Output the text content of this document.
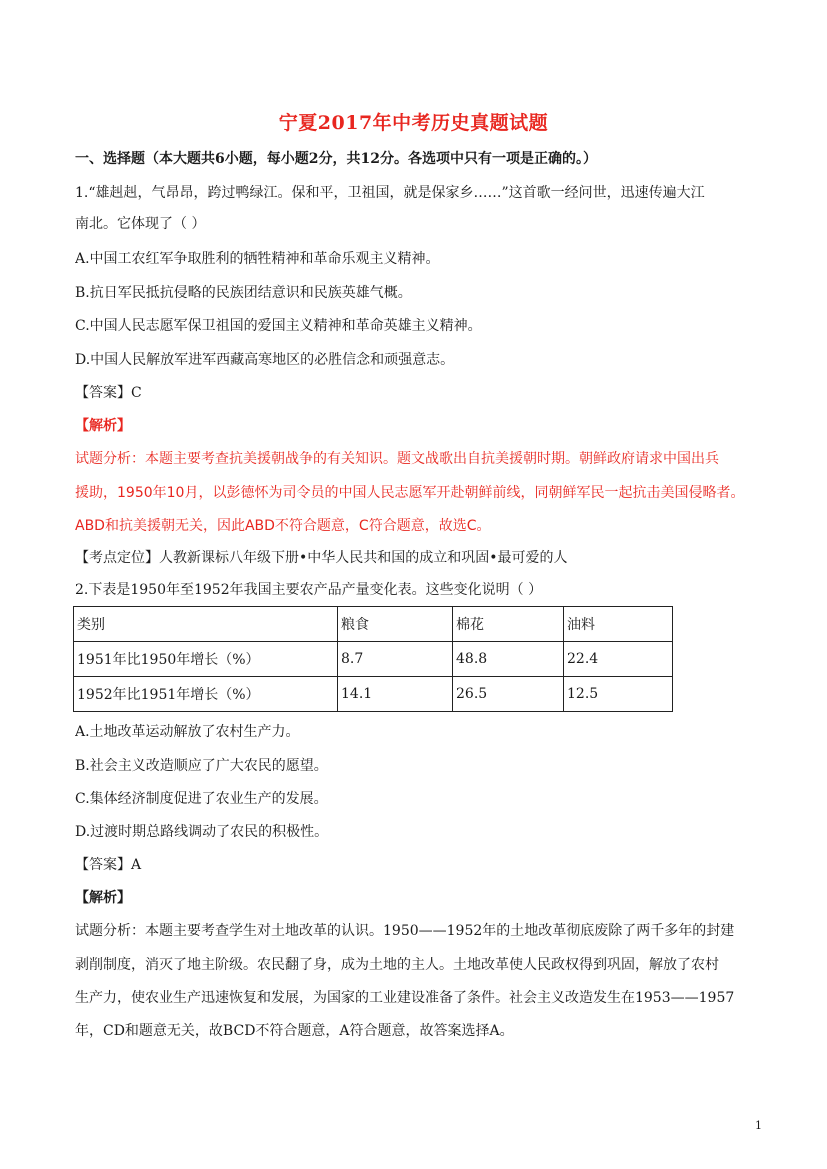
宁夏2017年中考历史真题试题
一、选择题（本大题共6小题，每小题2分，共12分。各选项中只有一项是正确的。）
1.“雄赳赳，气昂昂，跨过鸭绿江。保和平，卫祖国，就是保家乡……”这首歌一经问世，迅速传遍大江
南北。它体现了（ ）
A.中国工农红军争取胜利的牺牲精神和革命乐观主义精神。
B.抗日军民抵抗侵略的民族团结意识和民族英雄气概。
C.中国人民志愿军保卫祖国的爱国主义精神和革命英雄主义精神。
D.中国人民解放军进军西藏高寒地区的必胜信念和顽强意志。
【答案】C
【解析】
试题分析：本题主要考查抗美援朝战争的有关知识。题文战歌出自抗美援朝时期。朝鲜政府请求中国出兵
援助，1950年10月，以彭德怀为司令员的中国人民志愿军开赴朝鲜前线，同朝鲜军民一起抗击美国侵略者。
ABD和抗美援朝无关，因此ABD不符合题意，C符合题意，故选C。
【考点定位】人教新课标八年级下册•中华人民共和国的成立和巩固•最可爱的人
2.下表是1950年至1952年我国主要农产品产量变化表。这些变化说明（ ）
类别	粮食	棉花	油料
1951年比1950年增长（%）	8.7	48.8	22.4
1952年比1951年增长（%）	14.1	26.5	12.5
A.土地改革运动解放了农村生产力。
B.社会主义改造顺应了广大农民的愿望。
C.集体经济制度促进了农业生产的发展。
D.过渡时期总路线调动了农民的积极性。
【答案】A
【解析】
试题分析：本题主要考查学生对土地改革的认识。1950——1952年的土地改革彻底废除了两千多年的封建
剥削制度，消灭了地主阶级。农民翻了身，成为土地的主人。土地改革使人民政权得到巩固，解放了农村
生产力，使农业生产迅速恢复和发展，为国家的工业建设准备了条件。社会主义改造发生在1953——1957
年，CD和题意无关，故BCD不符合题意，A符合题意，故答案选择A。
1
